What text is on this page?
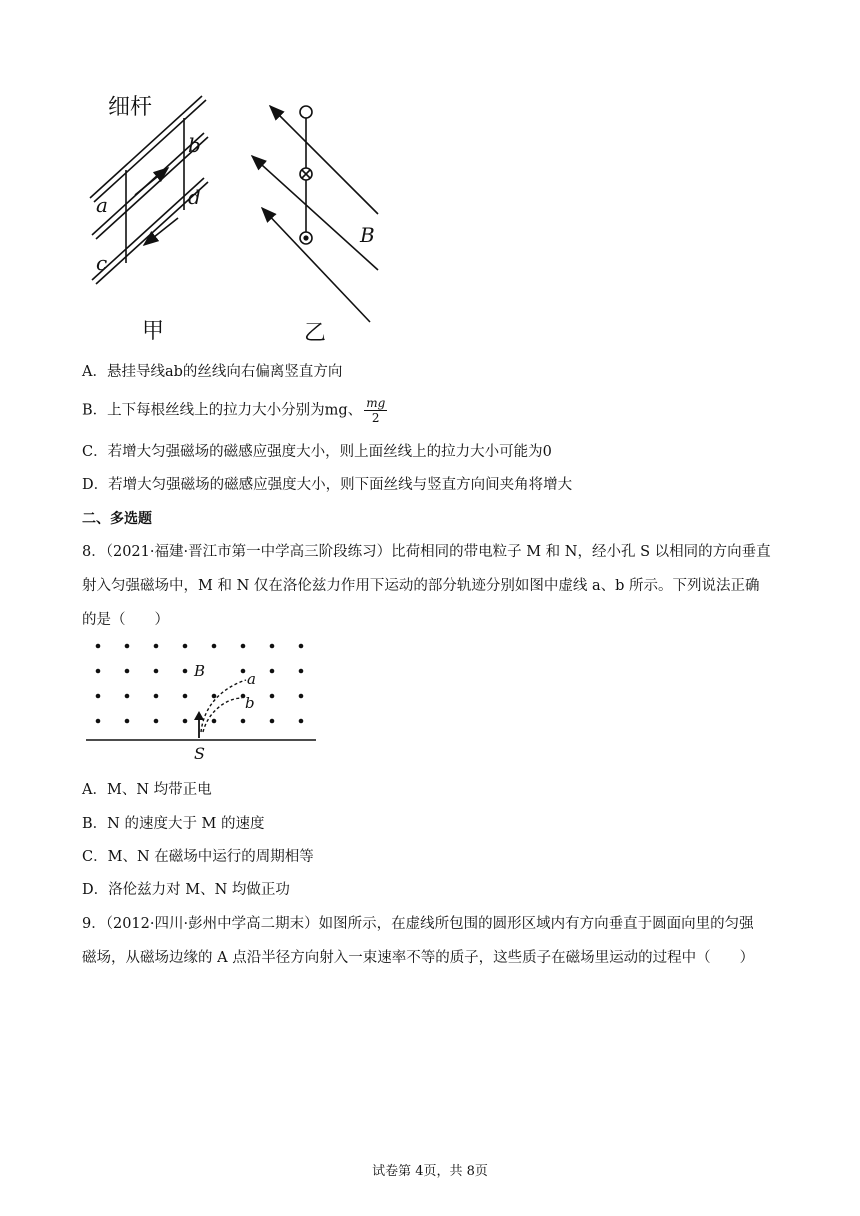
细杆
a
b
c
d
甲
B
乙
A．悬挂导线ab的丝线向右偏离竖直方向
B．上下每根丝线上的拉力大小分别为mg、 $\frac{mg}{2}$
C．若增大匀强磁场的磁感应强度大小，则上面丝线上的拉力大小可能为0
D．若增大匀强磁场的磁感应强度大小，则下面丝线与竖直方向间夹角将增大
二、多选题
8．（2021·福建·晋江市第一中学高三阶段练习）比荷相同的带电粒子 M 和 N，经小孔 S 以相同的方向垂直
射入匀强磁场中，M 和 N 仅在洛伦兹力作用下运动的部分轨迹分别如图中虚线 a、b 所示。下列说法正确
的是（　　）
B	a
b
S
A．M、N 均带正电
B．N 的速度大于 M 的速度
C．M、N 在磁场中运行的周期相等
D．洛伦兹力对 M、N 均做正功
9．（2012·四川·彭州中学高二期末）如图所示，在虚线所包围的圆形区域内有方向垂直于圆面向里的匀强
磁场，从磁场边缘的 A 点沿半径方向射入一束速率不等的质子，这些质子在磁场里运动的过程中（　　）
试卷第 4页，共 8页
